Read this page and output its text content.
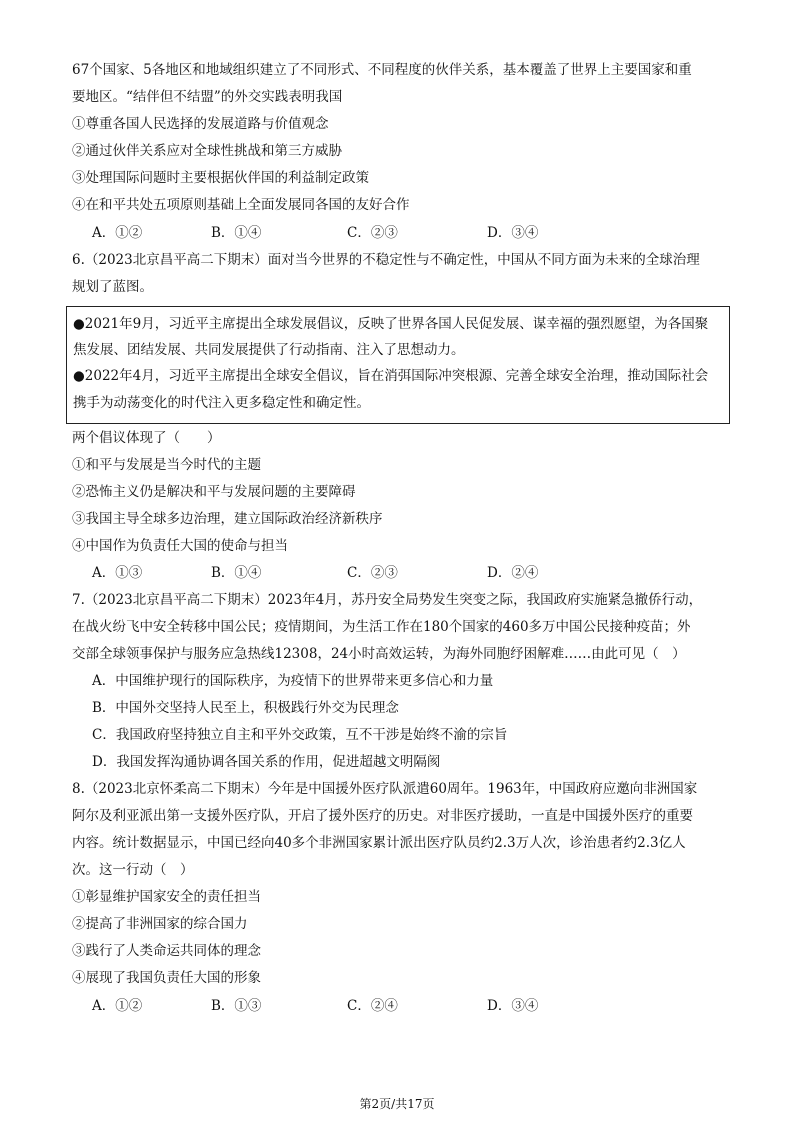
67个国家、5各地区和地域组织建立了不同形式、不同程度的伙伴关系，基本覆盖了世界上主要国家和重
要地区。“结伴但不结盟”的外交实践表明我国
①尊重各国人民选择的发展道路与价值观念
②通过伙伴关系应对全球性挑战和第三方威胁
③处理国际问题时主要根据伙伴国的利益制定政策
④在和平共处五项原则基础上全面发展同各国的友好合作
A．①②	B．①④	C．②③	D．③④
6.（2023北京昌平高二下期末）面对当今世界的不稳定性与不确定性，中国从不同方面为未来的全球治理
规划了蓝图。
●2021年9月，习近平主席提出全球发展倡议，反映了世界各国人民促发展、谋幸福的强烈愿望，为各国聚
焦发展、团结发展、共同发展提供了行动指南、注入了思想动力。
●2022年4月，习近平主席提出全球安全倡议，旨在消弭国际冲突根源、完善全球安全治理，推动国际社会
携手为动荡变化的时代注入更多稳定性和确定性。
两个倡议体现了（　　）
①和平与发展是当今时代的主题
②恐怖主义仍是解决和平与发展问题的主要障碍
③我国主导全球多边治理，建立国际政治经济新秩序
④中国作为负责任大国的使命与担当
A．①③	B．①④	C．②③	D．②④
7.（2023北京昌平高二下期末）2023年4月，苏丹安全局势发生突变之际，我国政府实施紧急撤侨行动，
在战火纷飞中安全转移中国公民；疫情期间，为生活工作在180个国家的460多万中国公民接种疫苗；外
交部全球领事保护与服务应急热线12308，24小时高效运转，为海外同胞纾困解难……由此可见（　）
A．中国维护现行的国际秩序，为疫情下的世界带来更多信心和力量
B．中国外交坚持人民至上，积极践行外交为民理念
C．我国政府坚持独立自主和平外交政策，互不干涉是始终不渝的宗旨
D．我国发挥沟通协调各国关系的作用，促进超越文明隔阂
8.（2023北京怀柔高二下期末）今年是中国援外医疗队派遣60周年。1963年，中国政府应邀向非洲国家
阿尔及利亚派出第一支援外医疗队，开启了援外医疗的历史。对非医疗援助，一直是中国援外医疗的重要
内容。统计数据显示，中国已经向40多个非洲国家累计派出医疗队员约2.3万人次，诊治患者约2.3亿人
次。这一行动（　）
①彰显维护国家安全的责任担当
②提高了非洲国家的综合国力
③践行了人类命运共同体的理念
④展现了我国负责任大国的形象
A．①②	B．①③	C．②④	D．③④
第2页/共17页
